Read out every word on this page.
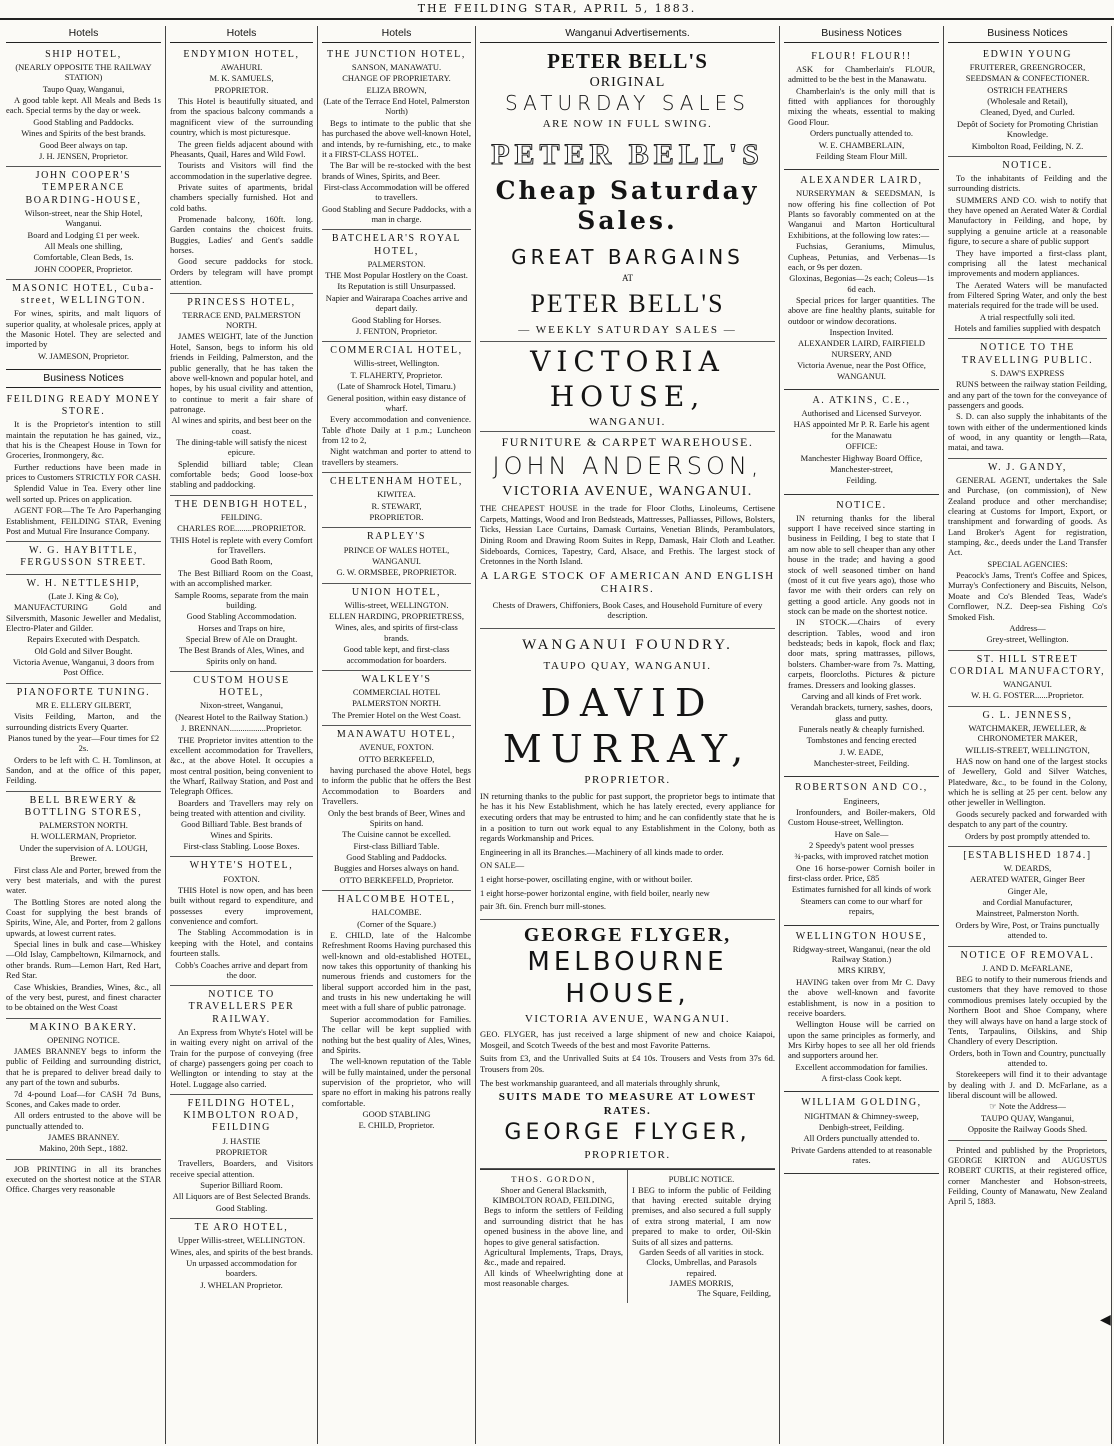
THE FEILDING STAR, APRIL 5, 1883.
Hotels
SHIP HOTEL,
(NEARLY OPPOSITE THE RAILWAY STATION)
Taupo Quay, Wanganui,
A good table kept. All Meals and Beds 1s each. Special terms by the day or week.
Good Stabling and Paddocks.
Wines and Spirits of the best brands.
Good Beer always on tap.
J. H. JENSEN, Proprietor.
JOHN COOPER'S TEMPERANCE BOARDING-HOUSE,
Wilson-street, near the Ship Hotel, Wanganui.
Board and Lodging £1 per week.
All Meals one shilling,
Comfortable, Clean Beds, 1s.
JOHN COOPER, Proprietor.
MASONIC HOTEL, Cuba-street, WELLINGTON.
For wines, spirits, and malt liquors of superior quality, at wholesale prices, apply at the Masonic Hotel. They are selected and imported by
W. JAMESON, Proprietor.
Business Notices
FEILDING READY MONEY STORE.
It is the Proprietor's intention to still maintain the reputation he has gained, viz., that his is the Cheapest House in Town for Groceries, Ironmongery, &c.
Further reductions have been made in prices to Customers STRICTLY FOR CASH.
Splendid Value in Tea. Every other line well sorted up. Prices on application.
AGENT FOR—The Te Aro Paperhanging Establishment, FEILDING STAR, Evening Post and Mutual Fire Insurance Company.
W. G. HAYBITTLE, FERGUSSON STREET.
W. H. NETTLESHIP,
(Late J. King & Co),
MANUFACTURING Gold and Silversmith, Masonic Jeweller and Medalist, Electro-Plater and Gilder.
Repairs Executed with Despatch.
Old Gold and Silver Bought.
Victoria Avenue, Wanganui, 3 doors from Post Office.
PIANOFORTE TUNING.
MR E. ELLERY GILBERT,
Visits Feilding, Marton, and the surrounding districts Every Quarter.
Pianos tuned by the year—Four times for £2 2s.
Orders to be left with C. H. Tomlinson, at Sandon, and at the office of this paper, Feilding.
BELL BREWERY & BOTTLING STORES,
PALMERSTON NORTH.
H. WOLLERMAN, Proprietor.
Under the supervision of A. LOUGH, Brewer.
First class Ale and Porter, brewed from the very best materials, and with the purest water.
The Bottling Stores are noted along the Coast for supplying the best brands of Spirits, Wine, Ale, and Porter, from 2 gallons upwards, at lowest current rates.
Special lines in bulk and case—Whiskey—Old Islay, Campbeltown, Kilmarnock, and other brands. Rum—Lemon Hart, Red Hart, Red Star.
Case Whiskies, Brandies, Wines, &c., all of the very best, purest, and finest character to be obtained on the West Coast
MAKINO BAKERY.
OPENING NOTICE.
JAMES BRANNEY begs to inform the public of Feilding and surrounding district, that he is prepared to deliver bread daily to any part of the town and suburbs.
7d 4-pound Loaf—for CASH 7d Buns, Scones, and Cakes made to order.
All orders entrusted to the above will be punctually attended to.
JAMES BRANNEY.
Makino, 20th Sept., 1882.
JOB PRINTING in all its branches executed on the shortest notice at the STAR Office. Charges very reasonable
Hotels
ENDYMION HOTEL,
AWAHURI.
M. K. SAMUELS,
PROPRIETOR.
This Hotel is beautifully situated, and from the spacious balcony commands a magnificent view of the surrounding country, which is most picturesque.
The green fields adjacent abound with Pheasants, Quail, Hares and Wild Fowl.
Tourists and Visitors will find the accommodation in the superlative degree.
Private suites of apartments, bridal chambers specially furnished. Hot and cold baths.
Promenade balcony, 160ft. long. Garden contains the choicest fruits. Buggies, Ladies' and Gent's saddle horses.
Good secure paddocks for stock. Orders by telegram will have prompt attention.
PRINCESS HOTEL,
TERRACE END, PALMERSTON NORTH.
JAMES WEIGHT, late of the Junction Hotel, Sanson, begs to inform his old friends in Feilding, Palmerston, and the public generally, that he has taken the above well-known and popular hotel, and hopes, by his usual civility and attention, to continue to merit a fair share of patronage.
Al wines and spirits, and best beer on the coast.
The dining-table will satisfy the nicest epicure.
Splendid billiard table; Clean comfortable beds; Good loose-box stabling and paddocking.
THE DENBIGH HOTEL,
FEILDING.
CHARLES ROE........PROPRIETOR.
THIS Hotel is replete with every Comfort for Travellers.
Good Bath Room,
The Best Billiard Room on the Coast, with an accomplished marker.
Sample Rooms, separate from the main building.
Good Stabling Accommodation.
Horses and Traps on hire,
Special Brew of Ale on Draught.
The Best Brands of Ales, Wines, and Spirits only on hand.
CUSTOM HOUSE HOTEL,
Nixon-street, Wanganui,
(Nearest Hotel to the Railway Station.)
J. BRENNAN.................Proprietor.
THE Proprietor invites attention to the excellent accommodation for Travellers, &c., at the above Hotel. It occupies a most central position, being convenient to the Wharf, Railway Station, and Post and Telegraph Offices.
Boarders and Travellers may rely on being treated with attention and civility.
Good Billiard Table. Best brands of Wines and Spirits.
First-class Stabling. Loose Boxes.
WHYTE'S HOTEL,
FOXTON.
THIS Hotel is now open, and has been built without regard to expenditure, and possesses every improvement, convenience and comfort.
The Stabling Accommodation is in keeping with the Hotel, and contains fourteen stalls.
Cobb's Coaches arrive and depart from the door.
NOTICE TO TRAVELLERS PER RAILWAY.
An Express from Whyte's Hotel will be in waiting every night on arrival of the Train for the purpose of conveying (free of charge) passengers going per coach to Wellington or intending to stay at the Hotel. Luggage also carried.
FEILDING HOTEL, KIMBOLTON ROAD, FEILDING
J. HASTIE
PROPRIETOR
Travellers, Boarders, and Visitors receive special attention.
Superior Billiard Room.
All Liquors are of Best Selected Brands.
Good Stabling.
TE ARO HOTEL,
Upper Willis-street, WELLINGTON.
Wines, ales, and spirits of the best brands.
Un urpassed accommodation for boarders.
J. WHELAN Proprietor.
Hotels
THE JUNCTION HOTEL,
SANSON, MANAWATU.
CHANGE OF PROPRIETARY.
ELIZA BROWN,
(Late of the Terrace End Hotel, Palmerston North)
Begs to intimate to the public that she has purchased the above well-known Hotel, and intends, by re-furnishing, etc., to make it a FIRST-CLASS HOTEL.
The Bar will be re-stocked with the best brands of Wines, Spirits, and Beer.
First-class Accommodation will be offered to travellers.
Good Stabling and Secure Paddocks, with a man in charge.
BATCHELAR'S ROYAL HOTEL,
PALMERSTON.
THE Most Popular Hostlery on the Coast.
Its Reputation is still Unsurpassed.
Napier and Wairarapa Coaches arrive and depart daily.
Good Stabling for Horses.
J. FENTON, Proprietor.
COMMERCIAL HOTEL,
Willis-street, Wellington.
T. FLAHERTY, Proprietor.
(Late of Shamrock Hotel, Timaru.)
General position, within easy distance of wharf.
Every accommodation and convenience. Table d'hote Daily at 1 p.m.; Luncheon from 12 to 2,
Night watchman and porter to attend to travellers by steamers.
CHELTENHAM HOTEL,
KIWITEA.
R. STEWART,
PROPRIETOR.
RAPLEY'S
PRINCE OF WALES HOTEL,
WANGANUI.
G. W. ORMSBEE, PROPRIETOR.
UNION HOTEL,
Willis-street, WELLINGTON.
ELLEN HARDING, PROPRIETRESS,
Wines, ales, and spirits of first-class brands.
Good table kept, and first-class accommodation for boarders.
WALKLEY'S
COMMERCIAL HOTEL
PALMERSTON NORTH.
The Premier Hotel on the West Coast.
MANAWATU HOTEL,
AVENUE, FOXTON.
OTTO BERKEFELD,
having purchased the above Hotel, begs to inform the public that he offers the Best Accommodation to Boarders and Travellers.
Only the best brands of Beer, Wines and Spirits on hand.
The Cuisine cannot be excelled.
First-class Billiard Table.
Good Stabling and Paddocks.
Buggies and Horses always on hand.
OTTO BERKEFELD, Proprietor.
HALCOMBE HOTEL,
HALCOMBE.
(Corner of the Square.)
E. CHILD, late of the Halcombe Refreshment Rooms Having purchased this well-known and old-established HOTEL, now takes this opportunity of thanking his numerous friends and customers for the liberal support accorded him in the past, and trusts in his new undertaking he will meet with a full share of public patronage.
Superior accommodation for Families. The cellar will be kept supplied with nothing but the best quality of Ales, Wines, and Spirits.
The well-known reputation of the Table will be fully maintained, under the personal supervision of the proprietor, who will spare no effort in making his patrons really comfortable.
GOOD STABLING
E. CHILD, Proprietor.
Wanganui Advertisements.
PETER BELL'S
ORIGINAL
SATURDAY SALES
ARE NOW IN FULL SWING.
PETER BELL'S
Cheap Saturday Sales.
GREAT BARGAINS
AT
PETER BELL'S
— WEEKLY SATURDAY SALES —
VICTORIA HOUSE,
WANGANUI.
FURNITURE & CARPET WAREHOUSE.
JOHN ANDERSON,
VICTORIA AVENUE, WANGANUI.
THE CHEAPEST HOUSE in the trade for Floor Cloths, Linoleums, Certisene Carpets, Mattings, Wood and Iron Bedsteads, Mattresses, Palliasses, Pillows, Bolsters, Ticks, Hessian Lace Curtains, Damask Curtains, Venetian Blinds, Perambulators, Dining Room and Drawing Room Suites in Repp, Damask, Hair Cloth and Leather. Sideboards, Cornices, Tapestry, Card, Alsace, and Frethis. The largest stock of Cretonnes in the North Island.
A LARGE STOCK OF AMERICAN AND ENGLISH CHAIRS.
Chests of Drawers, Chiffoniers, Book Cases, and Household Furniture of every description.
WANGANUI FOUNDRY.
TAUPO QUAY, WANGANUI.
DAVID MURRAY,
PROPRIETOR.
IN returning thanks to the public for past support, the proprietor begs to intimate that he has it his New Establishment, which he has lately erected, every appliance for executing orders that may be entrusted to him; and he can confidently state that he is in a position to turn out work equal to any Establishment in the Colony, both as regards Workmanship and Prices.
Engineering in all its Branches.—Machinery of all kinds made to order.
ON SALE—
1 eight horse-power, oscillating engine, with or without boiler.
1 eight horse-power horizontal engine, with field boiler, nearly new
pair 3ft. 6in. French burr mill-stones.
GEORGE FLYGER,
MELBOURNE HOUSE,
VICTORIA AVENUE, WANGANUI.
GEO. FLYGER, has just received a large shipment of new and choice Kaiapoi, Mosgeil, and Scotch Tweeds of the best and most Favorite Patterns.
Suits from £3, and the Unrivalled Suits at £4 10s. Trousers and Vests from 37s 6d. Trousers from 20s.
The best workmanship guaranteed, and all materials throughly shrunk,
SUITS MADE TO MEASURE AT LOWEST RATES.
GEORGE FLYGER,
PROPRIETOR.
THOS. GORDON,
Shoer and General Blacksmith,
KIMBOLTON ROAD, FEILDING,
Begs to inform the settlers of Feilding and surrounding district that he has opened business in the above line, and hopes to give general satisfaction.
Agricultural Implements, Traps, Drays, &c., made and repaired.
All kinds of Wheelwrighting done at most reasonable charges.
PUBLIC NOTICE.
I BEG to inform the public of Feilding that having erected suitable drying premises, and also secured a full supply of extra strong material, I am now prepared to make to order, Oil-Skin Suits of all sizes and patterns.
Garden Seeds of all varities in stock.
Clocks, Umbrellas, and Parasols repaired.
JAMES MORRIS,
The Square, Feilding,
Business Notices
FLOUR! FLOUR!!
ASK for Chamberlain's FLOUR, admitted to be the best in the Manawatu.
Chamberlain's is the only mill that is fitted with appliances for thoroughly mixing the wheats, essential to making Good Flour.
Orders punctually attended to.
W. E. CHAMBERLAIN,
Feilding Steam Flour Mill.
ALEXANDER LAIRD,
NURSERYMAN & SEEDSMAN, Is now offering his fine collection of Pot Plants so favorably commented on at the Wanganui and Marton Horticultural Exhibitions, at the following low rates:—
Fuchsias, Geraniums, Mimulus, Cupheas, Petunias, and Verbenas—1s each, or 9s per dozen.
Gloxinas, Begonias—2s each; Coleus—1s 6d each.
Special prices for larger quantities. The above are fine healthy plants, suitable for outdoor or window decorations.
Inspection Invited.
ALEXANDER LAIRD, FAIRFIELD NURSERY, AND
Victoria Avenue, near the Post Office, WANGANUI.
A. ATKINS, C.E.,
Authorised and Licensed Surveyor.
HAS appointed Mr P. R. Earle his agent for the Manawatu
OFFICE:
Manchester Highway Board Office,
Manchester-street,
Feilding.
NOTICE.
IN returning thanks for the liberal support I have received since starting in business in Feilding, I beg to state that I am now able to sell cheaper than any other house in the trade; and having a good stock of well seasoned timber on hand (most of it cut five years ago), those who favor me with their orders can rely on getting a good article. Any goods not in stock can be made on the shortest notice.
IN STOCK.—Chairs of every description. Tables, wood and iron bedsteads; beds in kapok, flock and flax; door mats, spring mattrasses, pillows, bolsters. Chamber-ware from 7s. Matting, carpets, floorcloths. Pictures & picture frames. Dressers and looking glasses.
Carving and all kinds of Fret work.
Verandah brackets, turnery, sashes, doors, glass and putty.
Funerals neatly & cheaply furnished.
Tombstones and fencing erected
J. W. EADE,
Manchester-street, Feilding.
ROBERTSON AND CO.,
Engineers,
Ironfounders, and Boiler-makers, Old Custom House-street, Wellington.
Have on Sale—
2 Speedy's patent wool presses
¾-packs, with improved ratchet motion
One 16 horse-power Cornish boiler in first-class order. Price, £85
Estimates furnished for all kinds of work
Steamers can come to our wharf for repairs,
WELLINGTON HOUSE,
Ridgway-street, Wanganui, (near the old Railway Station.)
MRS KIRBY,
HAVING taken over from Mr C. Davy the above well-known and favorite establishment, is now in a position to receive boarders.
Wellington House will be carried on upon the same principles as formerly, and Mrs Kirby hopes to see all her old friends and supporters around her.
Excellent accommodation for families.
A first-class Cook kept.
WILLIAM GOLDING,
NIGHTMAN & Chimney-sweep,
Denbigh-street, Feilding.
All Orders punctually attended to.
Private Gardens attended to at reasonable rates.
Business Notices
EDWIN YOUNG
FRUITERER, GREENGROCER,
SEEDSMAN & CONFECTIONER.
OSTRICH FEATHERS
(Wholesale and Retail),
Cleaned, Dyed, and Curled.
Depôt of Society for Promoting Christian Knowledge.
Kimbolton Road, Feilding, N. Z.
NOTICE.
To the inhabitants of Feilding and the surrounding districts.
SUMMERS AND CO. wish to notify that they have opened an Aerated Water & Cordial Manufactory in Feilding, and hope, by supplying a genuine article at a reasonable figure, to secure a share of public support
They have imported a first-class plant, comprising all the latest mechanical improvements and modern appliances.
The Aerated Waters will be manufacted from Filtered Spring Water, and only the best materials required for the trade will be used.
A trial respectfully soli ited.
Hotels and families supplied with despatch
NOTICE TO THE TRAVELLING PUBLIC.
S. DAW'S EXPRESS
RUNS between the railway station Feilding, and any part of the town for the conveyance of passengers and goods.
S. D. can also supply the inhabitants of the town with either of the undermentioned kinds of wood, in any quantity or length—Rata, matai, and tawa.
W. J. GANDY,
GENERAL AGENT, undertakes the Sale and Purchase, (on commission), of New Zealand produce and other merchandise; clearing at Customs for Import, Export, or transhipment and forwarding of goods. As Land Broker's Agent for registration, stamping, &c., deeds under the Land Transfer Act.
SPECIAL AGENCIES:
Peacock's Jams, Trent's Coffee and Spices, Murray's Confectionery and Biscuits, Nelson, Moate and Co's Blended Teas, Wade's Cornflower, N.Z. Deep-sea Fishing Co's Smoked Fish.
Address—
Grey-street, Wellington.
ST. HILL STREET CORDIAL MANUFACTORY,
WANGANUI.
W. H. G. FOSTER......Proprietor.
G. L. JENNESS,
WATCHMAKER, JEWELLER, & CHRONOMETER MAKER,
WILLIS-STREET, WELLINGTON,
HAS now on hand one of the largest stocks of Jewellery, Gold and Silver Watches, Platedware, &c., to be found in the Colony, which he is selling at 25 per cent. below any other jeweller in Wellington.
Goods securely packed and forwarded with despatch to any part of the country.
Orders by post promptly attended to.
[ESTABLISHED 1874.]
W. DEARDS,
AERATED WATER, Ginger Beer
Ginger Ale,
and Cordial Manufacturer,
Mainstreet, Palmerston North.
Orders by Wire, Post, or Trains punctually attended to.
NOTICE OF REMOVAL.
J. AND D. McFARLANE,
BEG to notify to their numerous friends and customers that they have removed to those commodious premises lately occupied by the Northern Boot and Shoe Company, where they will always have on hand a large stock of Tents, Tarpaulins, Oilskins, and Ship Chandlery of every Description.
Orders, both in Town and Country, punctually attended to.
Storekeepers will find it to their advantage by dealing with J. and D. McFarlane, as a liberal discount will be allowed.
☞ Note the Address—
TAUPO QUAY, Wanganui,
Opposite the Railway Goods Shed.
Printed and published by the Proprietors, GEORGE KIRTON and AUGUSTUS ROBERT CURTIS, at their registered office, corner Manchester and Hobson-streets, Feilding, County of Manawatu, New Zealand April 5, 1883.
◀
